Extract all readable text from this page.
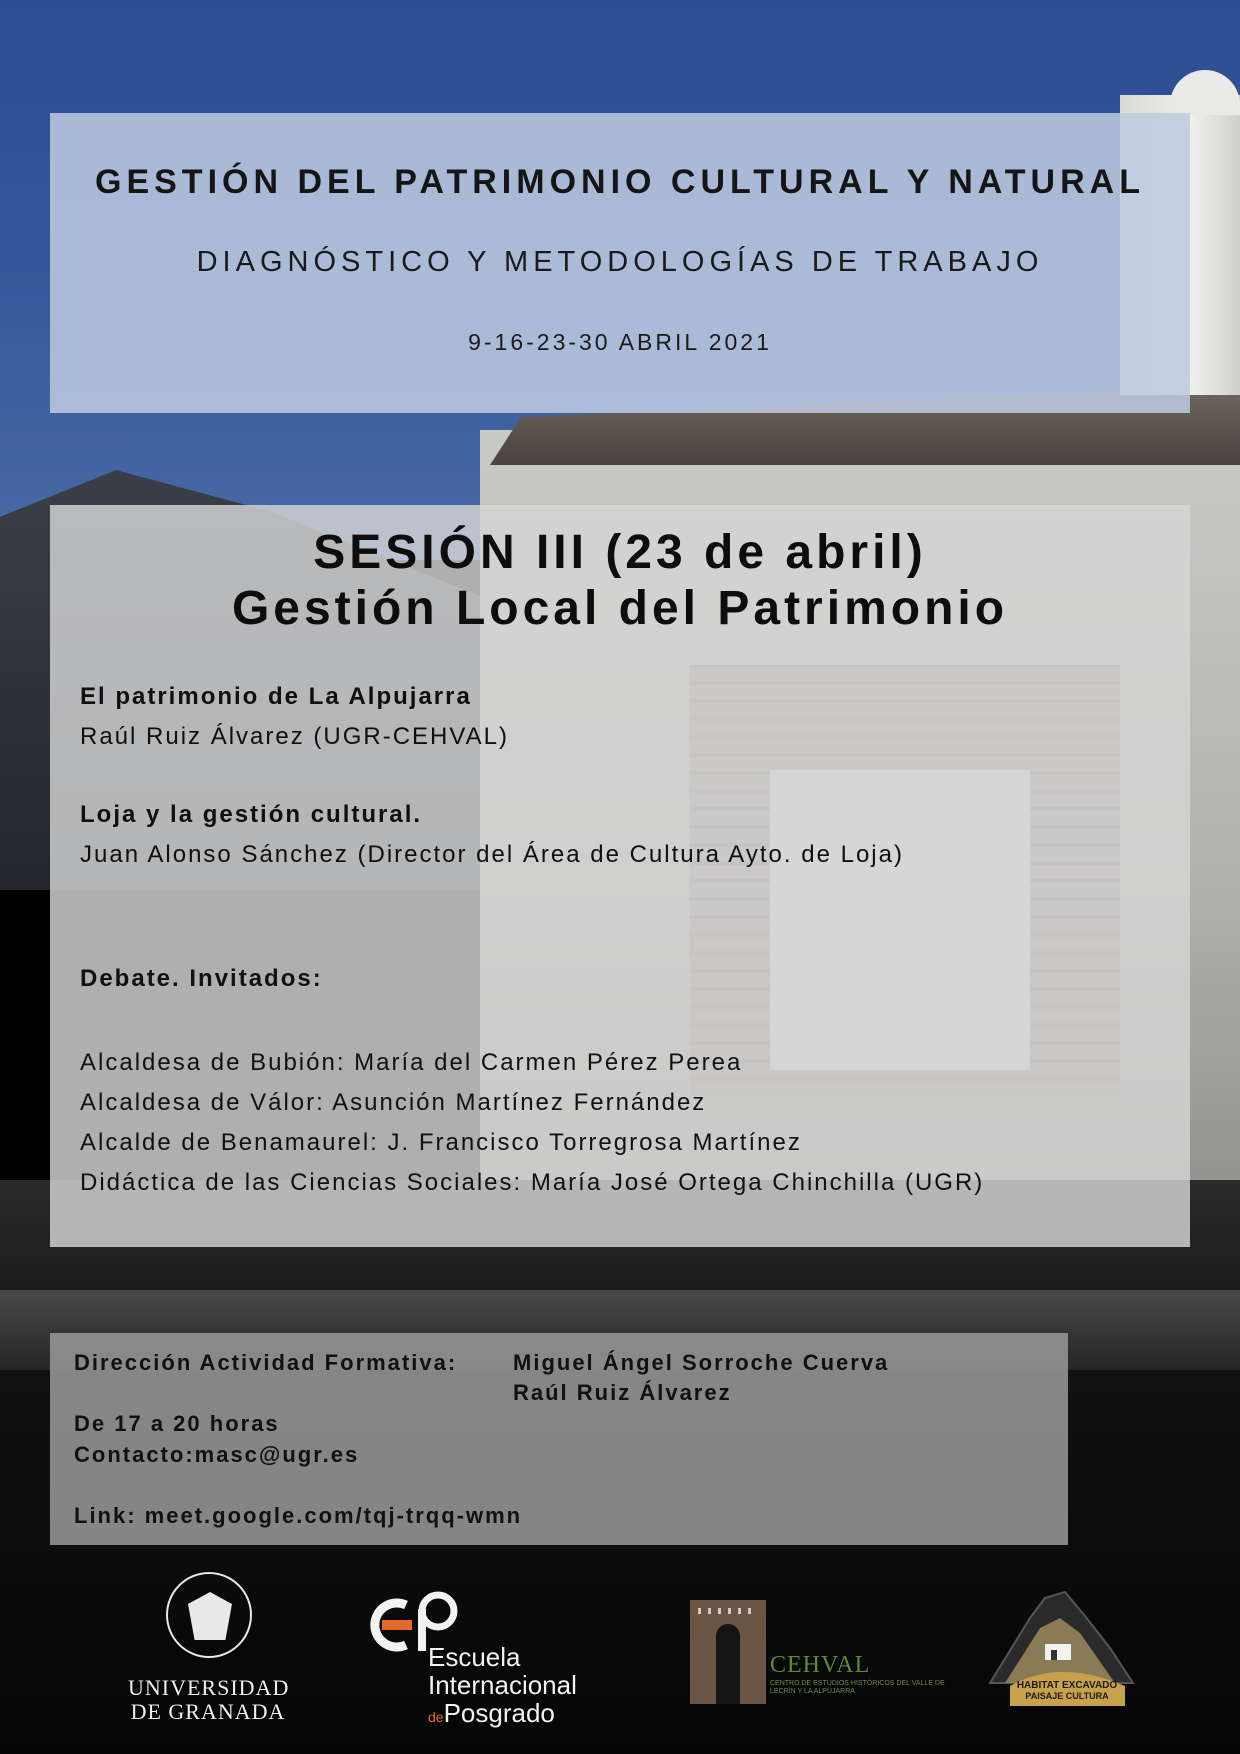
GESTIÓN DEL PATRIMONIO CULTURAL Y NATURAL
DIAGNÓSTICO Y METODOLOGÍAS DE TRABAJO
9-16-23-30 ABRIL 2021
SESIÓN III (23 de abril)
Gestión Local del Patrimonio
El patrimonio de La Alpujarra
Raúl Ruiz Álvarez (UGR-CEHVAL)
Loja y la gestión cultural.
Juan Alonso Sánchez (Director del Área de Cultura Ayto. de Loja)
Debate. Invitados:
Alcaldesa de Bubión: María del Carmen Pérez Perea
Alcaldesa de Válor: Asunción Martínez Fernández
Alcalde de Benamaurel: J. Francisco Torregrosa Martínez
Didáctica de las Ciencias Sociales: María José Ortega Chinchilla (UGR)
Dirección Actividad Formativa:	Miguel Ángel Sorroche Cuerva
Raúl Ruiz Álvarez
De 17 a 20 horas
Contacto:masc@ugr.es
Link: meet.google.com/tqj-trqq-wmn
UNIVERSIDAD
DE GRANADA
Escuela
Internacional
dePosgrado
CEHVAL
CENTRO DE ESTUDIOS HISTÓRICOS DEL VALLE DE LECRÍN Y LA ALPUJARRA
HABITAT EXCAVADO
PAISAJE CULTURA
